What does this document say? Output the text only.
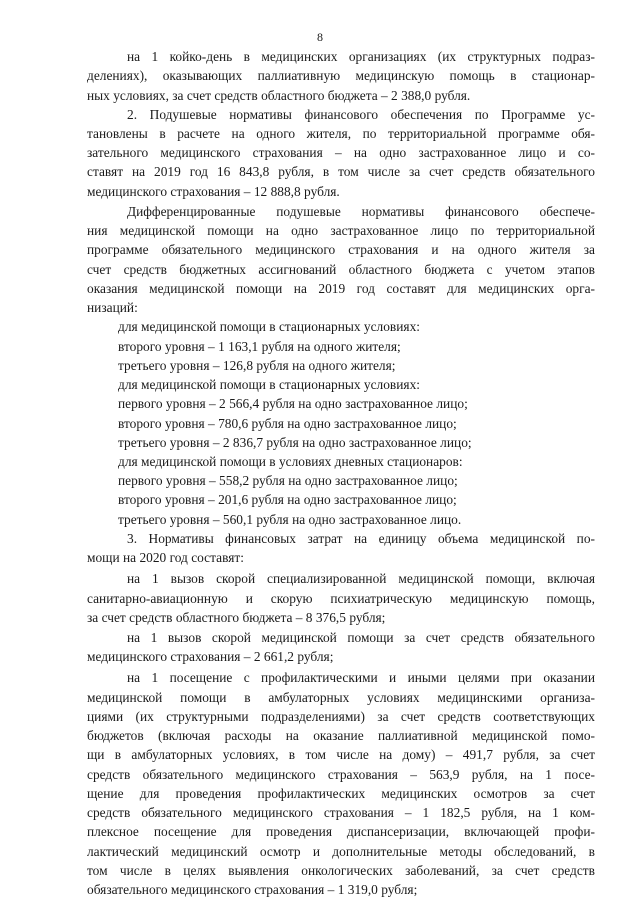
8
на 1 койко-день в медицинских организациях (их структурных подраз-
делениях), оказывающих паллиативную медицинскую помощь в стационар-
ных условиях, за счет средств областного бюджета – 2 388,0 рубля.
2. Подушевые нормативы финансового обеспечения по Программе ус-
тановлены в расчете на одного жителя, по территориальной программе обя-
зательного медицинского страхования – на одно застрахованное лицо и со-
ставят на 2019 год 16 843,8 рубля, в том числе за счет средств обязательного
медицинского страхования – 12 888,8 рубля.
Дифференцированные подушевые нормативы финансового обеспече-
ния медицинской помощи на одно застрахованное лицо по территориальной
программе обязательного медицинского страхования и на одного жителя за
счет средств бюджетных ассигнований областного бюджета с учетом этапов
оказания медицинской помощи на 2019 год составят для медицинских орга-
низаций:
для медицинской помощи в стационарных условиях:
второго уровня – 1 163,1 рубля на одного жителя;
третьего уровня – 126,8 рубля на одного жителя;
для медицинской помощи в стационарных условиях:
первого уровня – 2 566,4 рубля на одно застрахованное лицо;
второго уровня – 780,6 рубля на одно застрахованное лицо;
третьего уровня – 2 836,7 рубля на одно застрахованное лицо;
для медицинской помощи в условиях дневных стационаров:
первого уровня – 558,2 рубля на одно застрахованное лицо;
второго уровня – 201,6 рубля на одно застрахованное лицо;
третьего уровня – 560,1 рубля на одно застрахованное лицо.
3. Нормативы финансовых затрат на единицу объема медицинской по-
мощи на 2020 год составят:
на 1 вызов скорой специализированной медицинской помощи, включая
санитарно-авиационную и скорую психиатрическую медицинскую помощь,
за счет средств областного бюджета – 8 376,5 рубля;
на 1 вызов скорой медицинской помощи за счет средств обязательного
медицинского страхования – 2 661,2 рубля;
на 1 посещение с профилактическими и иными целями при оказании
медицинской помощи в амбулаторных условиях медицинскими организа-
циями (их структурными подразделениями) за счет средств соответствующих
бюджетов (включая расходы на оказание паллиативной медицинской помо-
щи в амбулаторных условиях, в том числе на дому) – 491,7 рубля, за счет
средств обязательного медицинского страхования – 563,9 рубля, на 1 посе-
щение для проведения профилактических медицинских осмотров за счет
средств обязательного медицинского страхования – 1 182,5 рубля, на 1 ком-
плексное посещение для проведения диспансеризации, включающей профи-
лактический медицинский осмотр и дополнительные методы обследований, в
том числе в целях выявления онкологических заболеваний, за счет средств
обязательного медицинского страхования – 1 319,0 рубля;
